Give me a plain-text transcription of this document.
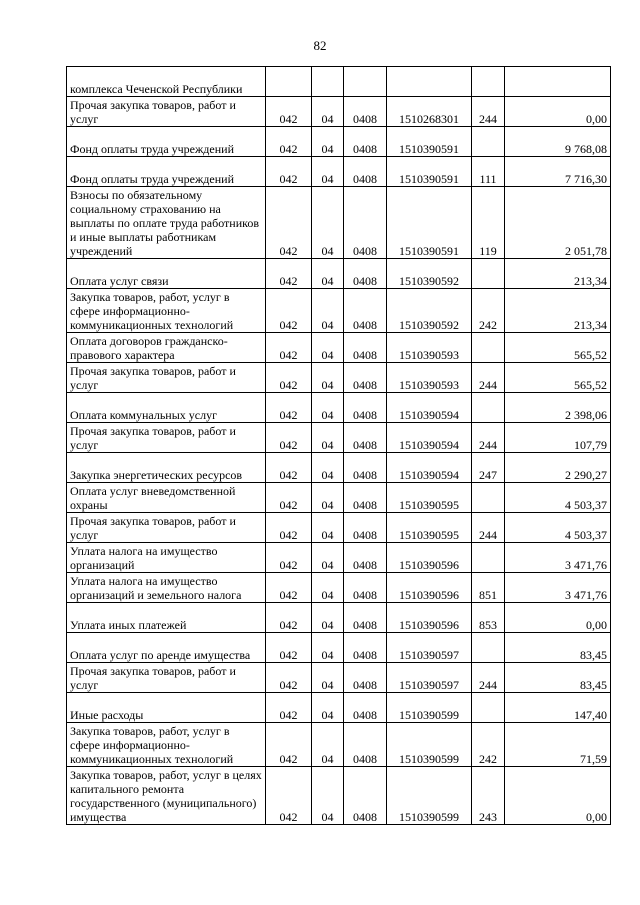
82
комплекса Чеченской Республики						
Прочая закупка товаров, работ и услуг	042	04	0408	1510268301	244	0,00
Фонд оплаты труда учреждений	042	04	0408	1510390591		9 768,08
Фонд оплаты труда учреждений	042	04	0408	1510390591	111	7 716,30
Взносы по обязательному социальному страхованию на выплаты по оплате труда работников и иные выплаты работникам учреждений	042	04	0408	1510390591	119	2 051,78
Оплата услуг связи	042	04	0408	1510390592		213,34
Закупка товаров, работ, услуг в сфере информационно-коммуникационных технологий	042	04	0408	1510390592	242	213,34
Оплата договоров гражданско-правового характера	042	04	0408	1510390593		565,52
Прочая закупка товаров, работ и услуг	042	04	0408	1510390593	244	565,52
Оплата коммунальных услуг	042	04	0408	1510390594		2 398,06
Прочая закупка товаров, работ и услуг	042	04	0408	1510390594	244	107,79
Закупка энергетических ресурсов	042	04	0408	1510390594	247	2 290,27
Оплата услуг вневедомственной охраны	042	04	0408	1510390595		4 503,37
Прочая закупка товаров, работ и услуг	042	04	0408	1510390595	244	4 503,37
Уплата налога на имущество организаций	042	04	0408	1510390596		3 471,76
Уплата налога на имущество организаций и земельного налога	042	04	0408	1510390596	851	3 471,76
Уплата иных платежей	042	04	0408	1510390596	853	0,00
Оплата услуг по аренде имущества	042	04	0408	1510390597		83,45
Прочая закупка товаров, работ и услуг	042	04	0408	1510390597	244	83,45
Иные расходы	042	04	0408	1510390599		147,40
Закупка товаров, работ, услуг в сфере информационно-коммуникационных технологий	042	04	0408	1510390599	242	71,59
Закупка товаров, работ, услуг в целях капитального ремонта государственного (муниципального) имущества	042	04	0408	1510390599	243	0,00
